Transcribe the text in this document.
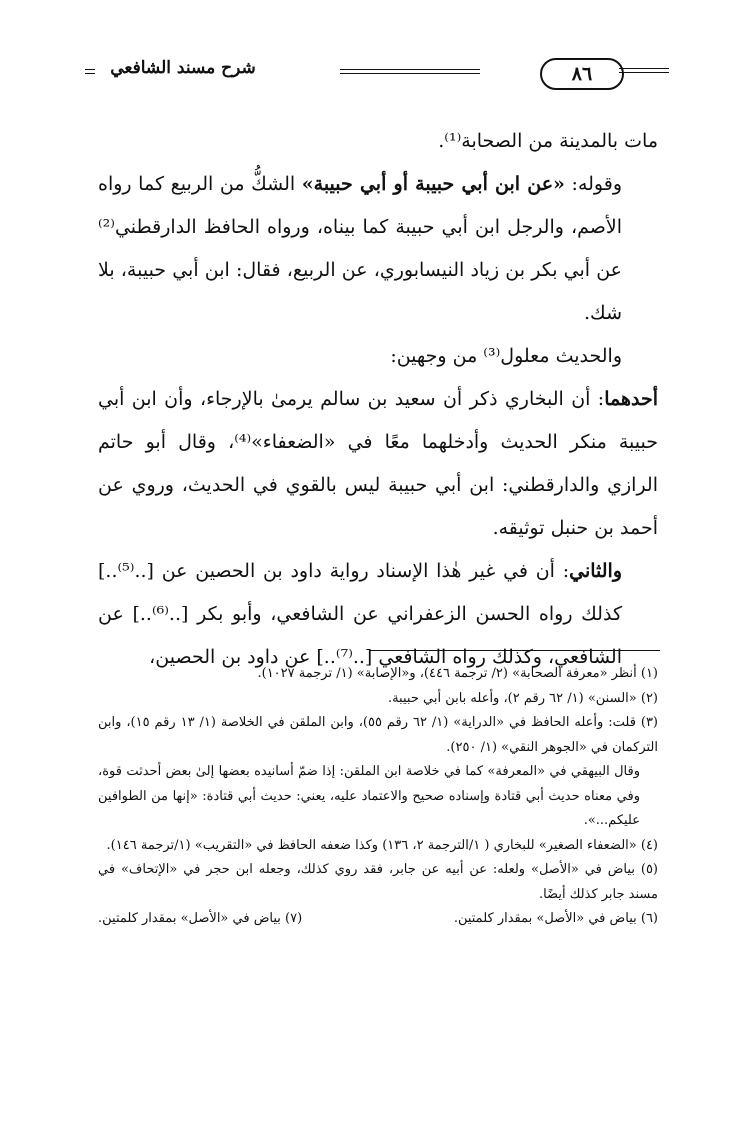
شرح مسند الشافعي	٨٦

مات بالمدينة من الصحابة⁽¹⁾.

وقوله: «عن ابن أبي حبيبة أو أبي حبيبة» الشكُّ من الربيع كما رواه الأصم، والرجل ابن أبي حبيبة كما بيناه، ورواه الحافظ الدارقطني⁽²⁾ عن أبي بكر بن زياد النيسابوري، عن الربيع، فقال: ابن أبي حبيبة، بلا شك.

والحديث معلول⁽³⁾ من وجهين:

أحدهما: أن البخاري ذكر أن سعيد بن سالم يرمىٰ بالإرجاء، وأن ابن أبي حبيبة منكر الحديث وأدخلهما معًا في «الضعفاء»⁽⁴⁾، وقال أبو حاتم الرازي والدارقطني: ابن أبي حبيبة ليس بالقوي في الحديث، وروي عن أحمد بن حنبل توثيقه.

والثاني: أن في غير هٰذا الإسناد رواية داود بن الحصين عن [..⁽⁵⁾..] كذلك رواه الحسن الزعفراني عن الشافعي، وأبو بكر [..⁽⁶⁾..] عن الشافعي، وكذلك رواه الشافعي [..⁽⁷⁾..] عن داود بن الحصين،

(١) أنظر «معرفة الصحابة» (٢/ ترجمة ٤٤٦)، و«الإصابة» (١/ ترجمة ١٠٢٧).

(٢) «السنن» (١/ ٦٢ رقم ٢)، وأعله بابن أبي حبيبة.

(٣) قلت: وأعله الحافظ في «الدراية» (١/ ٦٢ رقم ٥٥)، وابن الملقن في الخلاصة (١/ ١٣ رقم ١٥)، وابن التركمان في «الجوهر النقي» (١/ ٢٥٠).

وقال البيهقي في «المعرفة» كما في خلاصة ابن الملقن: إذا ضمّ أسانيده بعضها إلىٰ بعض أحدثت قوة، وفي معناه حديث أبي قتادة وإسناده صحيح والاعتماد عليه، يعني: حديث أبي قتادة: «إنها من الطوافين عليكم...».

(٤) «الضعفاء الصغير» للبخاري ( ١/الترجمة ٢، ١٣٦) وكذا ضعفه الحافظ في «التقريب» (١/ترجمة ١٤٦).

(٥) بياض في «الأصل» ولعله: عن أبيه عن جابر، فقد روي كذلك، وجعله ابن حجر في «الإتحاف» في مسند جابر كذلك أيضًا.

(٦) بياض في «الأصل» بمقدار كلمتين.
(٧) بياض في «الأصل» بمقدار كلمتين.
